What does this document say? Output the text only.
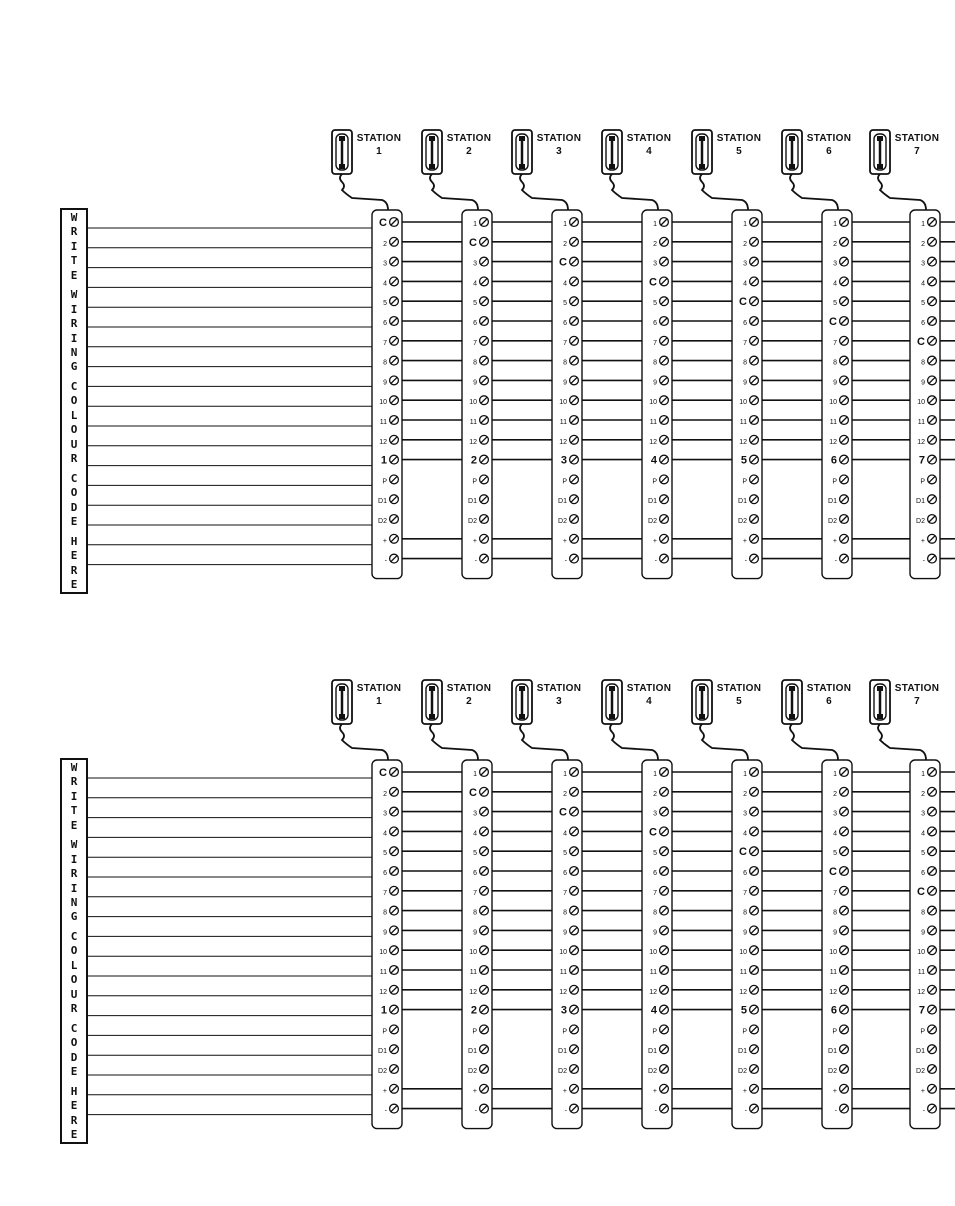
W
R
I
T
E
W
I
R
I
N
G
C
O
L
O
U
R
C
O
D
E
H
E
R
E
C
2
3
4
5
6
7
8
9
10
11
12
1
P
D1
D2
+
-
1
C
3
4
5
6
7
8
9
10
11
12
2
P
D1
D2
+
-
1
2
C
4
5
6
7
8
9
10
11
12
3
P
D1
D2
+
-
1
2
3
C
5
6
7
8
9
10
11
12
4
P
D1
D2
+
-
1
2
3
4
C
6
7
8
9
10
11
12
5
P
D1
D2
+
-
1
2
3
4
5
C
7
8
9
10
11
12
6
P
D1
D2
+
-
1
2
3
4
5
6
C
8
9
10
11
12
7
P
D1
D2
+
-
STATION
1
STATION
2
STATION
3
STATION
4
STATION
5
STATION
6
STATION
7
W
R
I
T
E
W
I
R
I
N
G
C
O
L
O
U
R
C
O
D
E
H
E
R
E
C
2
3
4
5
6
7
8
9
10
11
12
1
P
D1
D2
+
-
1
C
3
4
5
6
7
8
9
10
11
12
2
P
D1
D2
+
-
1
2
C
4
5
6
7
8
9
10
11
12
3
P
D1
D2
+
-
1
2
3
C
5
6
7
8
9
10
11
12
4
P
D1
D2
+
-
1
2
3
4
C
6
7
8
9
10
11
12
5
P
D1
D2
+
-
1
2
3
4
5
C
7
8
9
10
11
12
6
P
D1
D2
+
-
1
2
3
4
5
6
C
8
9
10
11
12
7
P
D1
D2
+
-
STATION
1
STATION
2
STATION
3
STATION
4
STATION
5
STATION
6
STATION
7
